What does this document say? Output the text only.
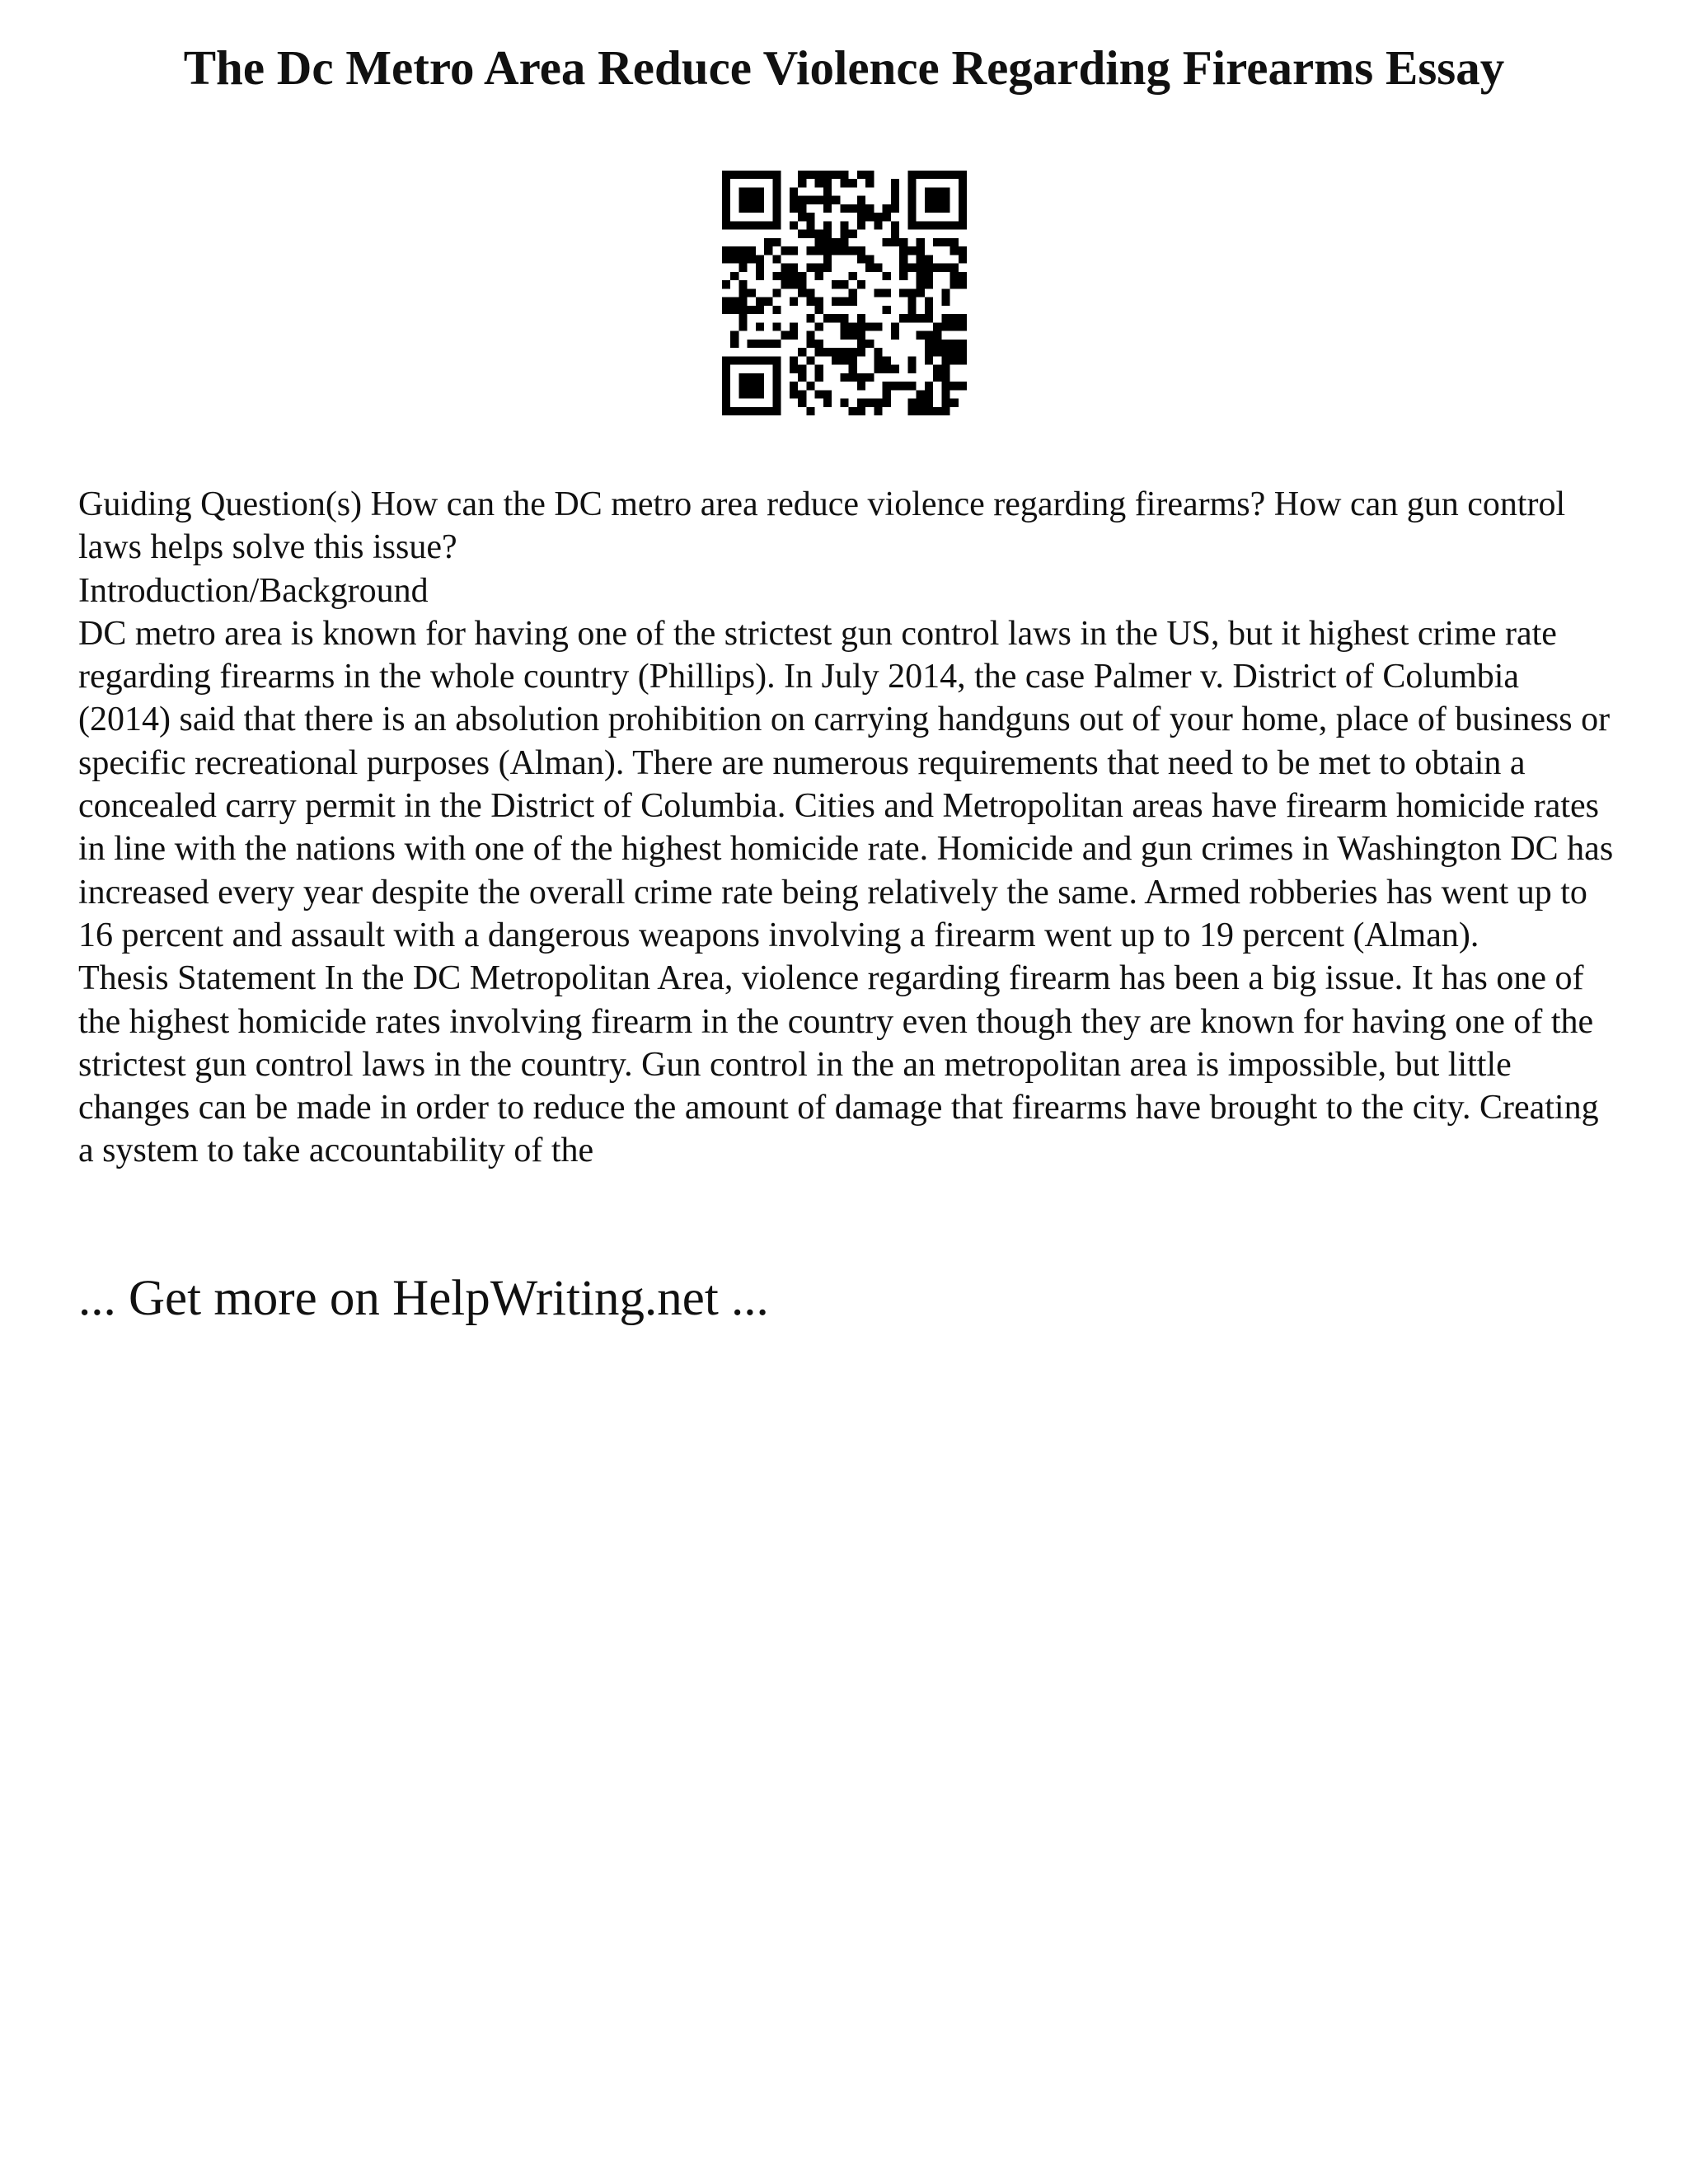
The Dc Metro Area Reduce Violence Regarding Firearms Essay

Guiding Question(s) How can the DC metro area reduce violence regarding firearms? How can gun control laws helps solve this issue?

Introduction/Background

DC metro area is known for having one of the strictest gun control laws in the US, but it highest crime rate regarding firearms in the whole country (Phillips). In July 2014, the case Palmer v. District of Columbia (2014) said that there is an absolution prohibition on carrying handguns out of your home, place of business or specific recreational purposes (Alman). There are numerous requirements that need to be met to obtain a concealed carry permit in the District of Columbia. Cities and Metropolitan areas have firearm homicide rates in line with the nations with one of the highest homicide rate. Homicide and gun crimes in Washington DC has increased every year despite the overall crime rate being relatively the same. Armed robberies has went up to 16 percent and assault with a dangerous weapons involving a firearm went up to 19 percent (Alman).

Thesis Statement In the DC Metropolitan Area, violence regarding firearm has been a big issue. It has one of the highest homicide rates involving firearm in the country even though they are known for having one of the strictest gun control laws in the country. Gun control in the an metropolitan area is impossible, but little changes can be made in order to reduce the amount of damage that firearms have brought to the city. Creating a system to take accountability of the

... Get more on HelpWriting.net ...
